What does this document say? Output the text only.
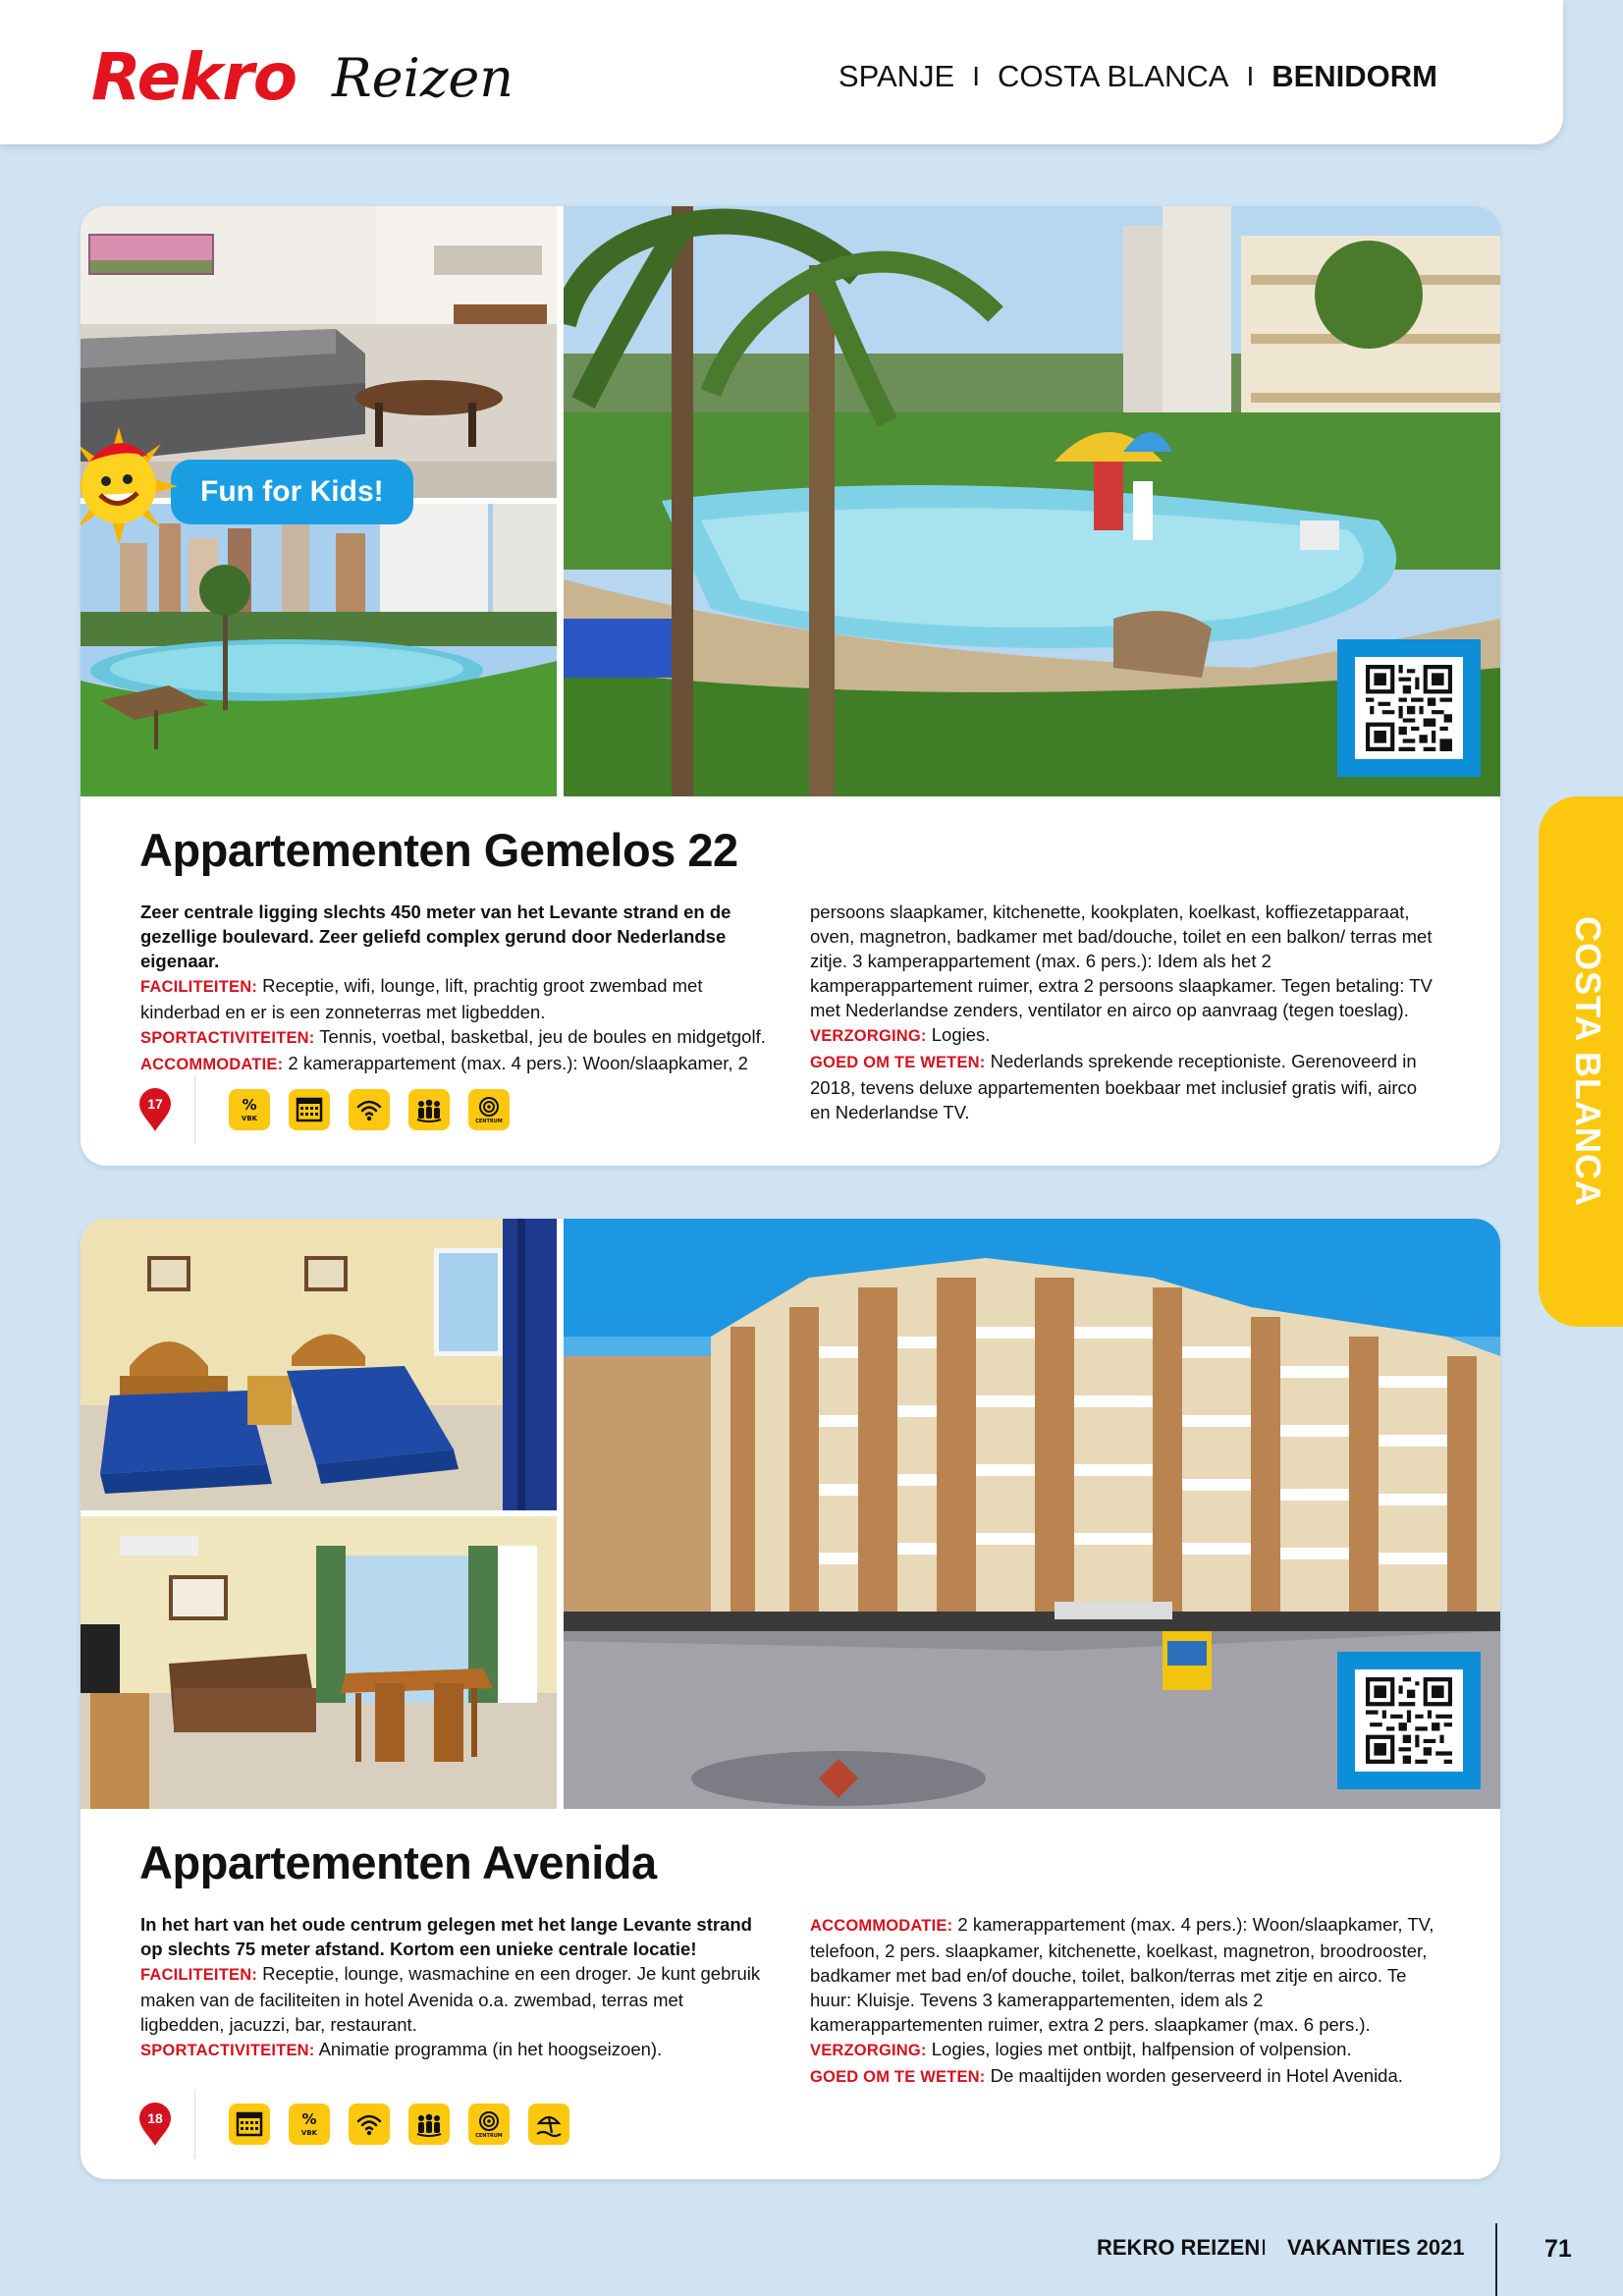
Rekro Reizen	SPANJE I COSTA BLANCA I BENIDORM
COSTA BLANCA
Fun for Kids!
Appartementen Gemelos 22

Zeer centrale ligging slechts 450 meter van het Levante strand en de gezellige boulevard. Zeer geliefd complex gerund door Nederlandse eigenaar.

FACILITEITEN: Receptie, wifi, lounge, lift, prachtig groot zwembad met kinderbad en er is een zonneterras met ligbedden.

SPORTACTIVITEITEN: Tennis, voetbal, basketbal, jeu de boules en midgetgolf.

ACCOMMODATIE: 2 kamerappartement (max. 4 pers.): Woon/slaapkamer, 2

persoons slaapkamer, kitchenette, kookplaten, koelkast, koffiezetapparaat, oven, magnetron, badkamer met bad/douche, toilet en een balkon/ terras met zitje. 3 kamperappartement (max. 6 pers.): Idem als het 2 kamperappartement ruimer, extra 2 persoons slaapkamer. Tegen betaling: TV met Nederlandse zenders, ventilator en airco op aanvraag (tegen toeslag).

VERZORGING: Logies.

GOED OM TE WETEN: Nederlands sprekende receptioniste. Gerenoveerd in 2018, tevens deluxe appartementen boekbaar met inclusief gratis wifi, airco en Nederlandse TV.

17	%
VBK	CENTRUM
Appartementen Avenida

In het hart van het oude centrum gelegen met het lange Levante strand op slechts 75 meter afstand. Kortom een unieke centrale locatie!

FACILITEITEN: Receptie, lounge, wasmachine en een droger. Je kunt gebruik maken van de faciliteiten in hotel Avenida o.a. zwembad, terras met ligbedden, jacuzzi, bar, restaurant.

SPORTACTIVITEITEN: Animatie programma (in het hoogseizoen).

ACCOMMODATIE: 2 kamerappartement (max. 4 pers.): Woon/slaapkamer, TV, telefoon, 2 pers. slaapkamer, kitchenette, koelkast, magnetron, broodrooster, badkamer met bad en/of douche, toilet, balkon/terras met zitje en airco. Te huur: Kluisje. Tevens 3 kamerappartementen, idem als 2 kamerappartementen ruimer, extra 2 pers. slaapkamer (max. 6 pers.).

VERZORGING: Logies, logies met ontbijt, halfpension of volpension.

GOED OM TE WETEN: De maaltijden worden geserveerd in Hotel Avenida.

18	%
VBK	CENTRUM
REKRO REIZEN I VAKANTIES 2021	71
